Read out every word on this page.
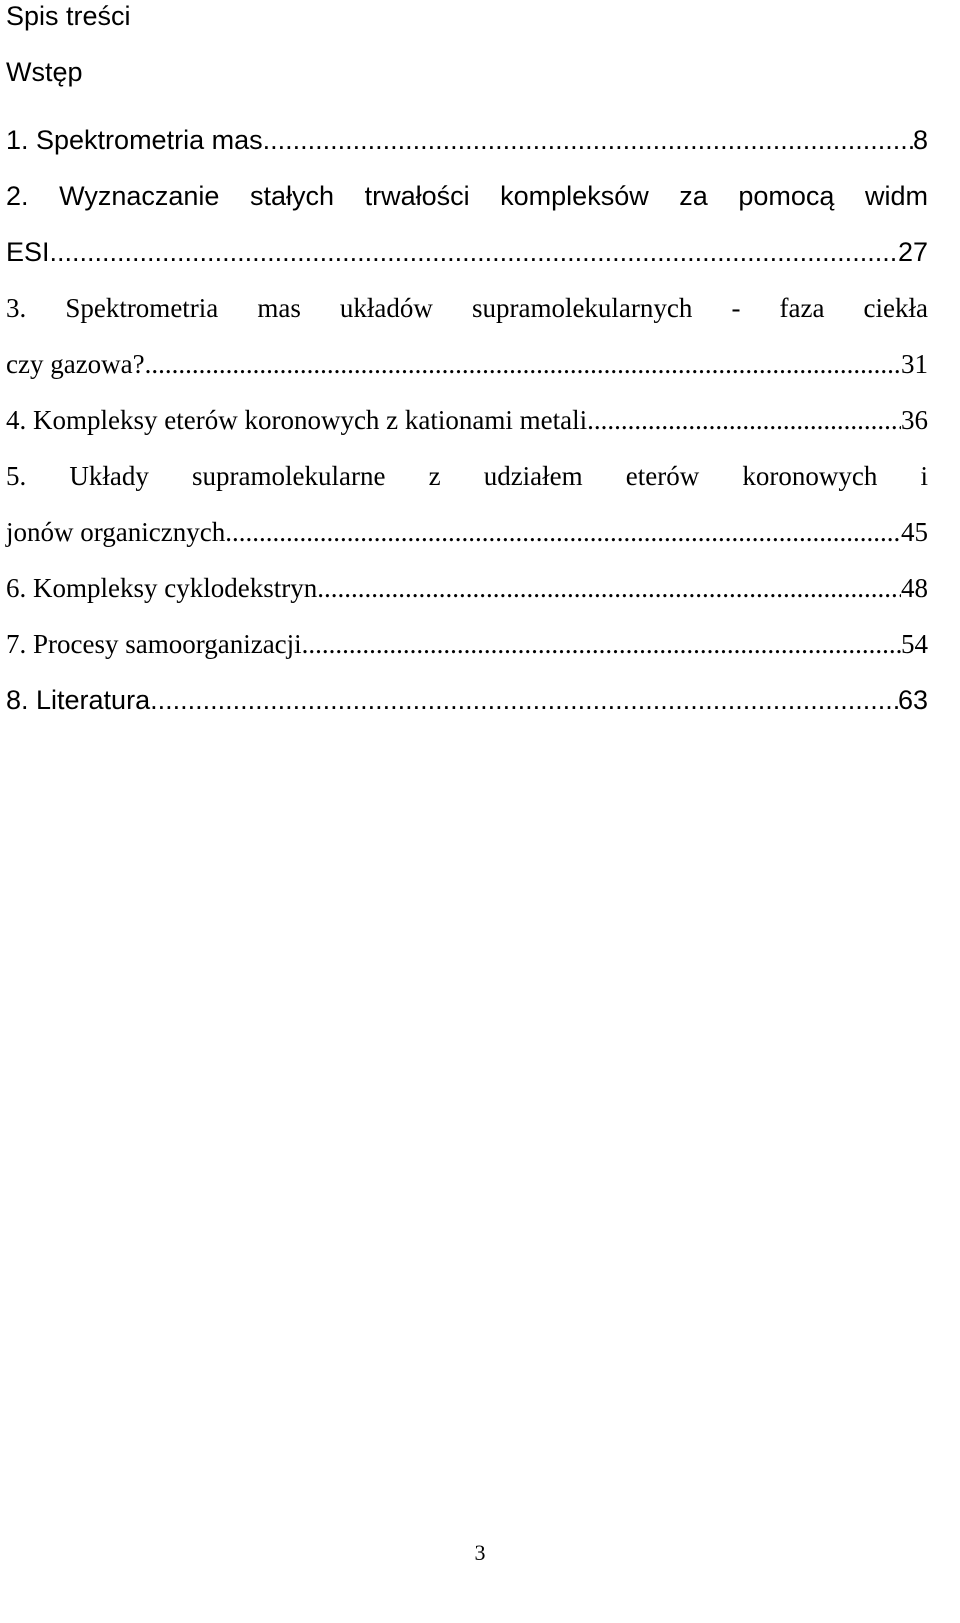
Spis treści

Wstęp

1. Spektrometria mas .....	8
2. Wyznaczanie stałych trwałości kompleksów za pomocą widm
ESI .....	27
3. Spektrometria mas układów supramolekularnych - faza ciekła
czy gazowa? .....	31
4. Kompleksy eterów koronowych z kationami metali .....	36
5. Układy supramolekularne z udziałem eterów koronowych i
jonów organicznych .....	45
6. Kompleksy cyklodekstryn .....	48
7. Procesy samoorganizacji .....	54
8. Literatura .....	63

3
